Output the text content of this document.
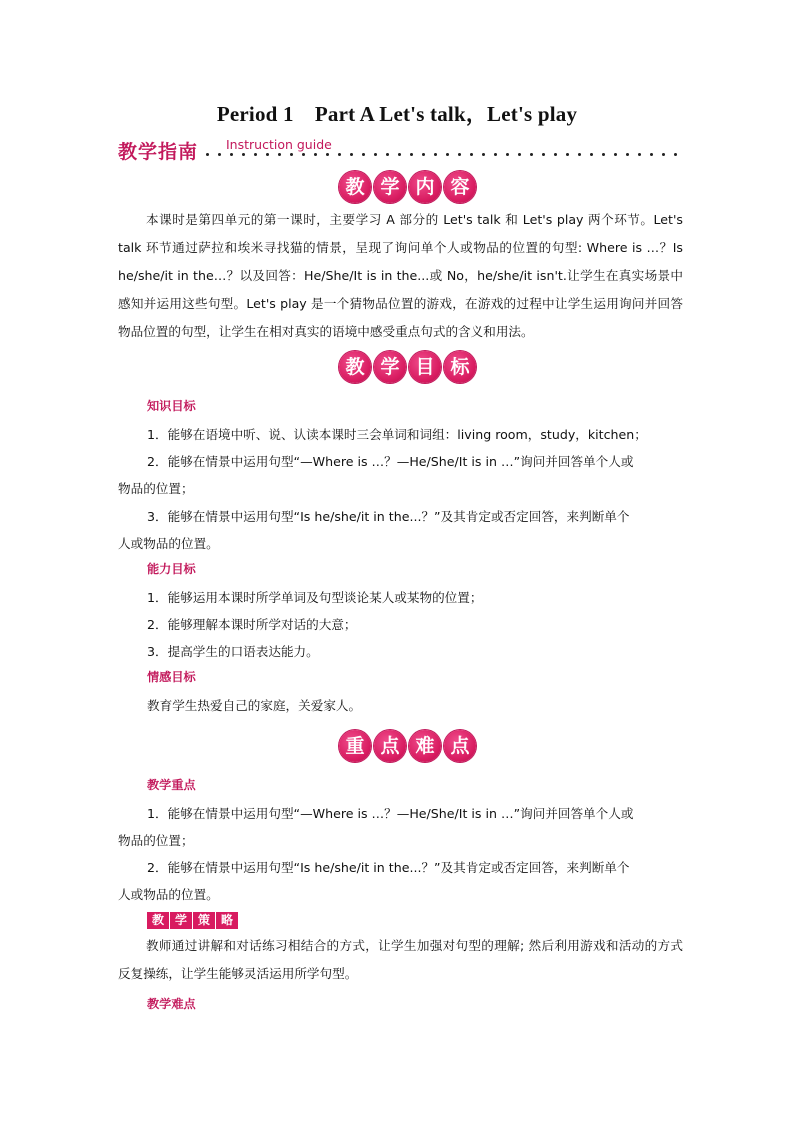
Period 1　Part A Let's talk，Let's play
教学指南 Instruction guide
教 学 内 容

本课时是第四单元的第一课时，主要学习 A 部分的 Let's talk 和 Let's play 两个环节。Let's talk 环节通过萨拉和埃米寻找猫的情景，呈现了询问单个人或物品的位置的句型: Where is …？Is he/she/it in the…？以及回答：He/She/It is in the...或 No，he/she/it isn't.让学生在真实场景中感知并运用这些句型。Let's play 是一个猜物品位置的游戏，在游戏的过程中让学生运用询问并回答物品位置的句型，让学生在相对真实的语境中感受重点句式的含义和用法。

教 学 目 标
知识目标
1．能够在语境中听、说、认读本课时三会单词和词组：living room，study，kitchen；
2．能够在情景中运用句型“—Where is …？—He/She/It is in …”询问并回答单个人或
物品的位置；
3．能够在情景中运用句型“Is he/she/it in the...？”及其肯定或否定回答，来判断单个
人或物品的位置。
能力目标
1．能够运用本课时所学单词及句型谈论某人或某物的位置；
2．能够理解本课时所学对话的大意；
3．提高学生的口语表达能力。
情感目标
教育学生热爱自己的家庭，关爱家人。
重 点 难 点
教学重点
1．能够在情景中运用句型“—Where is …？—He/She/It is in …”询问并回答单个人或
物品的位置；
2．能够在情景中运用句型“Is he/she/it in the...？”及其肯定或否定回答，来判断单个
人或物品的位置。
教 学 策 略

教师通过讲解和对话练习相结合的方式，让学生加强对句型的理解; 然后利用游戏和活动的方式反复操练，让学生能够灵活运用所学句型。

教学难点
